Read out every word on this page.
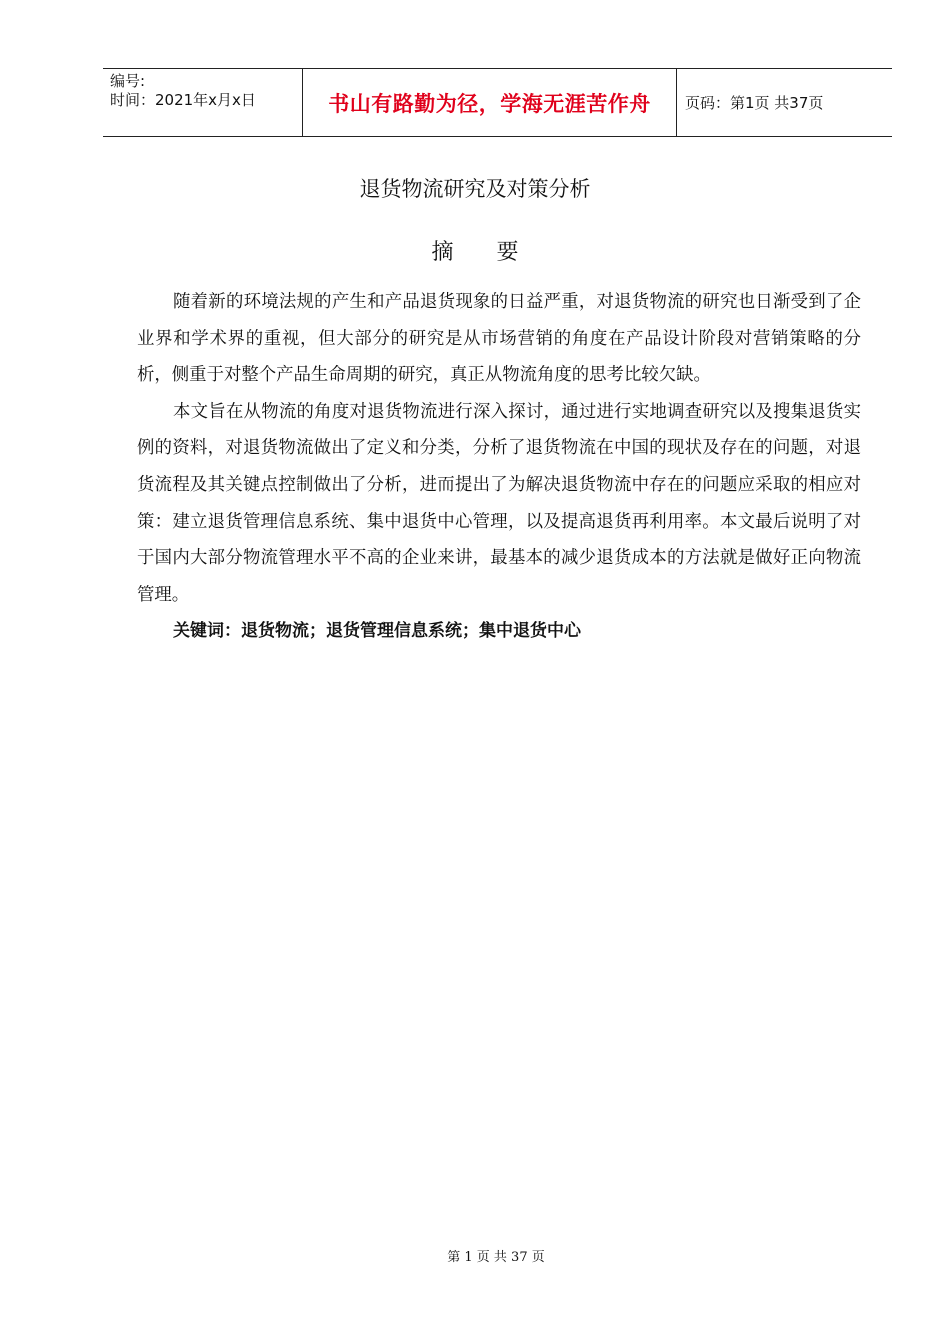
编号:
时间：2021年x月x日	书山有路勤为径，学海无涯苦作舟 页码：第1页 共37页
退货物流研究及对策分析
摘 要

随着新的环境法规的产生和产品退货现象的日益严重，对退货物流的研究也日渐受到了企业界和学术界的重视，但大部分的研究是从市场营销的角度在产品设计阶段对营销策略的分析，侧重于对整个产品生命周期的研究，真正从物流角度的思考比较欠缺。

本文旨在从物流的角度对退货物流进行深入探讨，通过进行实地调查研究以及搜集退货实例的资料，对退货物流做出了定义和分类，分析了退货物流在中国的现状及存在的问题，对退货流程及其关键点控制做出了分析，进而提出了为解决退货物流中存在的问题应采取的相应对策：建立退货管理信息系统、集中退货中心管理，以及提高退货再利用率。本文最后说明了对于国内大部分物流管理水平不高的企业来讲，最基本的减少退货成本的方法就是做好正向物流管理。

关键词：退货物流；退货管理信息系统；集中退货中心

第 1 页 共 37 页
